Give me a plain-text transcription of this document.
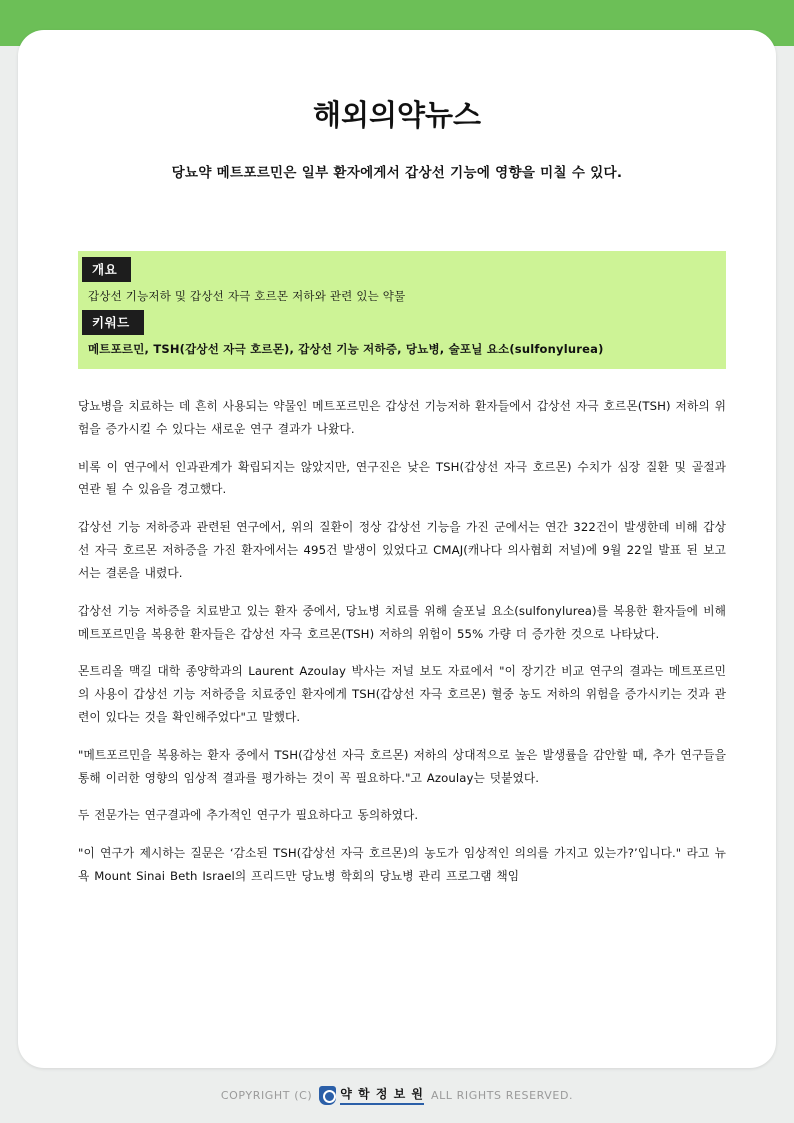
해외의약뉴스
당뇨약 메트포르민은 일부 환자에게서 갑상선 기능에 영향을 미칠 수 있다.
개요
갑상선 기능저하 및 갑상선 자극 호르몬 저하와 관련 있는 약물
키워드
메트포르민, TSH(갑상선 자극 호르몬), 갑상선 기능 저하증, 당뇨병, 술포닐 요소(sulfonylurea)

당뇨병을 치료하는 데 흔히 사용되는 약물인 메트포르민은 갑상선 기능저하 환자들에서 갑상선 자극 호르몬(TSH) 저하의 위험을 증가시킬 수 있다는 새로운 연구 결과가 나왔다.

비록 이 연구에서 인과관계가 확립되지는 않았지만, 연구진은 낮은 TSH(갑상선 자극 호르몬) 수치가 심장 질환 및 골절과 연관 될 수 있음을 경고했다.

갑상선 기능 저하증과 관련된 연구에서, 위의 질환이 정상 갑상선 기능을 가진 군에서는 연간 322건이 발생한데 비해 갑상선 자극 호르몬 저하증을 가진 환자에서는 495건 발생이 있었다고 CMAJ(캐나다 의사협회 저널)에 9월 22일 발표 된 보고서는 결론을 내렸다.

갑상선 기능 저하증을 치료받고 있는 환자 중에서, 당뇨병 치료를 위해 술포닐 요소(sulfonylurea)를 복용한 환자들에 비해 메트포르민을 복용한 환자들은 갑상선 자극 호르몬(TSH) 저하의 위험이 55% 가량 더 증가한 것으로 나타났다.

몬트리올 맥길 대학 종양학과의 Laurent Azoulay 박사는 저널 보도 자료에서 "이 장기간 비교 연구의 결과는 메트포르민의 사용이 갑상선 기능 저하증을 치료중인 환자에게 TSH(갑상선 자극 호르몬) 혈중 농도 저하의 위험을 증가시키는 것과 관련이 있다는 것을 확인해주었다"고 말했다.

"메트포르민을 복용하는 환자 중에서 TSH(갑상선 자극 호르몬) 저하의 상대적으로 높은 발생률을 감안할 때, 추가 연구들을 통해 이러한 영향의 임상적 결과를 평가하는 것이 꼭 필요하다."고 Azoulay는 덧붙였다.

두 전문가는 연구결과에 추가적인 연구가 필요하다고 동의하였다.

"이 연구가 제시하는 질문은 ‘감소된 TSH(갑상선 자극 호르몬)의 농도가 임상적인 의의를 가지고 있는가?’입니다." 라고 뉴욕 Mount Sinai Beth Israel의 프리드만 당뇨병 학회의 당뇨병 관리 프로그램 책임

COPYRIGHT (C) 약 학 정 보 원 ALL RIGHTS RESERVED.
